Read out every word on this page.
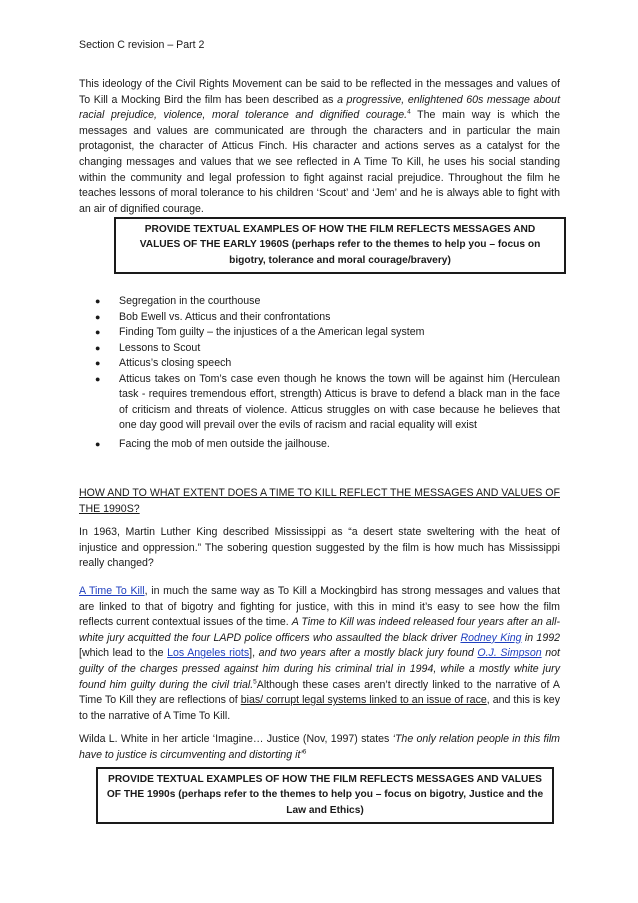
Section C revision – Part 2

This ideology of the Civil Rights Movement can be said to be reflected in the messages and values of To Kill a Mocking Bird the film has been described as a progressive, enlightened 60s message about racial prejudice, violence, moral tolerance and dignified courage.$^4$ The main way is which the messages and values are communicated are through the characters and in particular the main protagonist, the character of Atticus Finch. His character and actions serves as a catalyst for the changing messages and values that we see reflected in A Time To Kill, he uses his social standing within the community and legal profession to fight against racial prejudice. Throughout the film he teaches lessons of moral tolerance to his children ‘Scout’ and ‘Jem’ and he is always able to fight with an air of dignified courage.

PROVIDE TEXTUAL EXAMPLES OF HOW THE FILM REFLECTS MESSAGES AND VALUES OF THE EARLY 1960S (perhaps refer to the themes to help you – focus on bigotry, tolerance and moral courage/bravery)
● Segregation in the courthouse
● Bob Ewell vs. Atticus and their confrontations
● Finding Tom guilty – the injustices of a the American legal system
● Lessons to Scout
● Atticus’s closing speech
● Atticus takes on Tom’s case even though he knows the town will be against him (Herculean task - requires tremendous effort, strength) Atticus is brave to defend a black man in the face of criticism and threats of violence. Atticus struggles on with case because he believes that one day good will prevail over the evils of racism and racial equality will exist
● Facing the mob of men outside the jailhouse.

HOW AND TO WHAT EXTENT DOES A TIME TO KILL REFLECT THE MESSAGES AND VALUES OF THE 1990S?

In 1963, Martin Luther King described Mississippi as “a desert state sweltering with the heat of injustice and oppression.” The sobering question suggested by the film is how much has Mississippi really changed?

A Time To Kill, in much the same way as To Kill a Mockingbird has strong messages and values that are linked to that of bigotry and fighting for justice, with this in mind it’s easy to see how the film reflects current contextual issues of the time. A Time to Kill was indeed released four years after an all-white jury acquitted the four LAPD police officers who assaulted the black driver Rodney King in 1992 [which lead to the Los Angeles riots], and two years after a mostly black jury found O.J. Simpson not guilty of the charges pressed against him during his criminal trial in 1994, while a mostly white jury found him guilty during the civil trial.$^5$Although these cases aren’t directly linked to the narrative of A Time To Kill they are reflections of bias/ corrupt legal systems linked to an issue of race, and this is key to the narrative of A Time To Kill.

Wilda L. White in her article ‘Imagine… Justice (Nov, 1997) states ‘The only relation people in this film have to justice is circumventing and distorting it’$^6$

PROVIDE TEXTUAL EXAMPLES OF HOW THE FILM REFLECTS MESSAGES AND VALUES OF THE 1990s (perhaps refer to the themes to help you – focus on bigotry, Justice and the Law and Ethics)
